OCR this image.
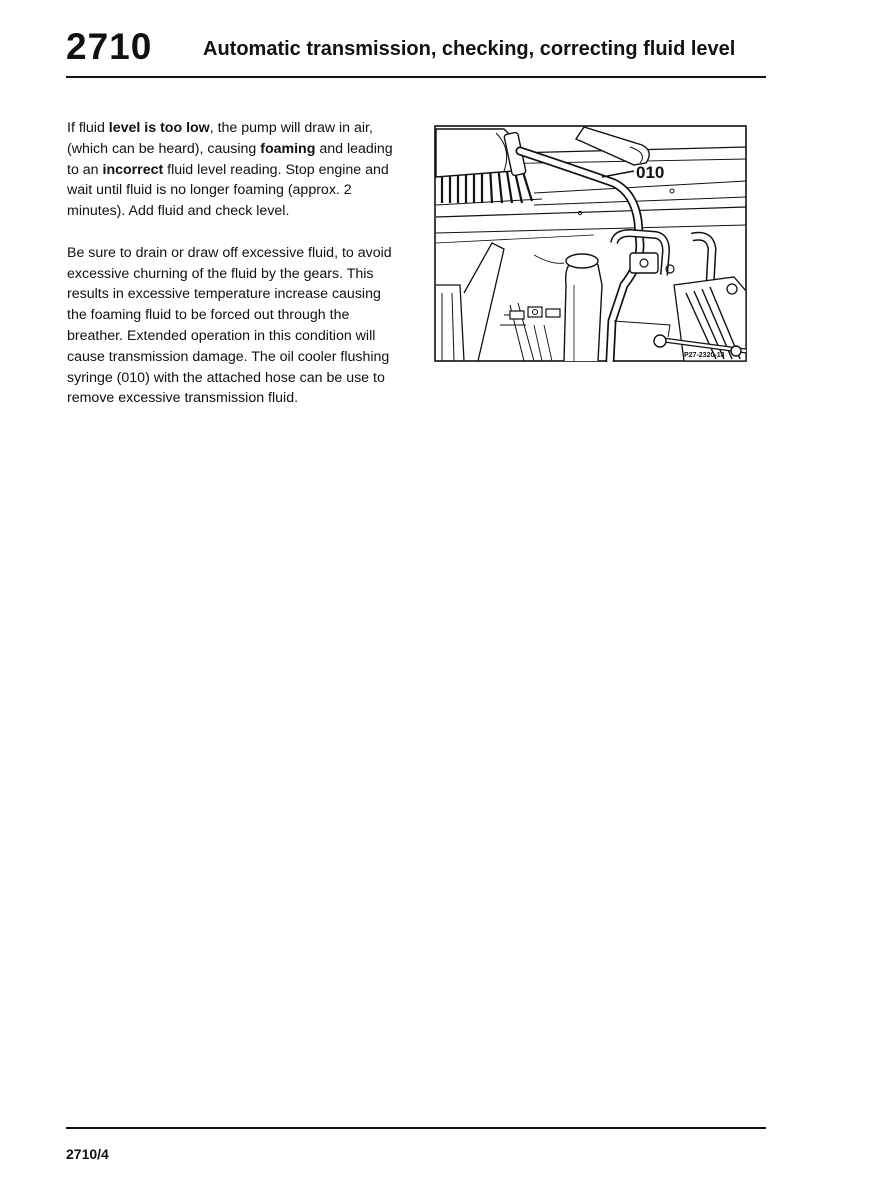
2710	Automatic transmission, checking, correcting fluid level

If fluid level is too low, the pump will draw in air, (which can be heard), causing foaming and leading to an incorrect fluid level reading. Stop engine and wait until fluid is no longer foaming (approx. 2 minutes). Add fluid and check level.

Be sure to drain or draw off excessive fluid, to avoid excessive churning of the fluid by the gears. This results in excessive temperature increase causing the foaming fluid to be forced out through the breather. Extended operation in this condition will cause transmission damage. The oil cooler flushing syringe (010) with the attached hose can be use to remove excessive transmission fluid.

010
P27-2320-13
2710/4
